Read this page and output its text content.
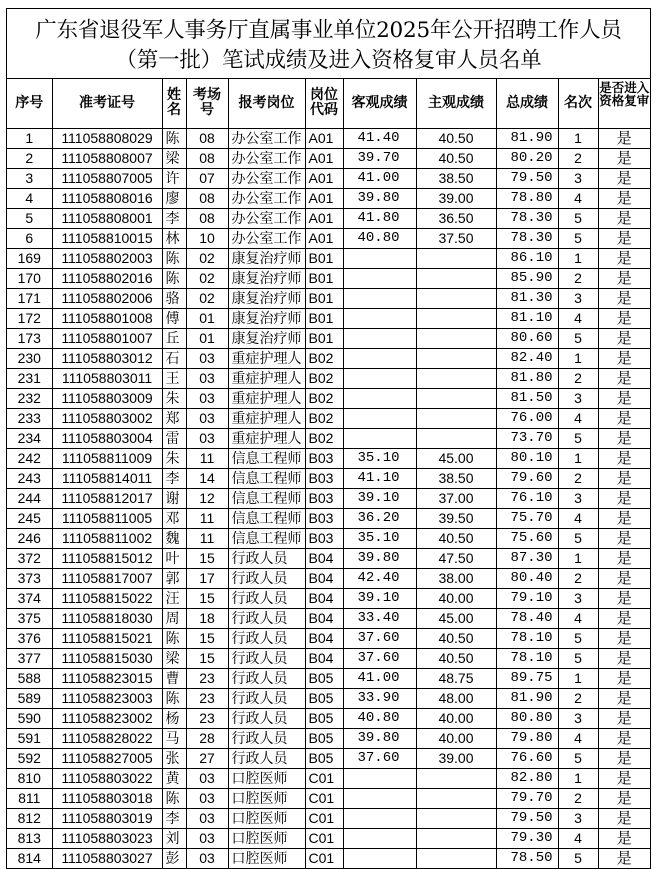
广东省退役军人事务厅直属事业单位2025年公开招聘工作人员
（第一批）笔试成绩及进入资格复审人员名单
序号	准考证号	姓名	考场号	报考岗位	岗位代码	客观成绩	主观成绩	总成绩	名次	是否进入资格复审
1	111058808029	陈	08	办公室工作	A01	41.40	40.50	81.90	1	是
2	111058808007	梁	08	办公室工作	A01	39.70	40.50	80.20	2	是
3	111058807005	许	07	办公室工作	A01	41.00	38.50	79.50	3	是
4	111058808016	廖	08	办公室工作	A01	39.80	39.00	78.80	4	是
5	111058808001	李	08	办公室工作	A01	41.80	36.50	78.30	5	是
6	111058810015	林	10	办公室工作	A01	40.80	37.50	78.30	5	是
169	111058802003	陈	02	康复治疗师	B01			86.10	1	是
170	111058802016	陈	02	康复治疗师	B01			85.90	2	是
171	111058802006	骆	02	康复治疗师	B01			81.30	3	是
172	111058801008	傅	01	康复治疗师	B01			81.10	4	是
173	111058801007	丘	01	康复治疗师	B01			80.60	5	是
230	111058803012	石	03	重症护理人	B02			82.40	1	是
231	111058803011	王	03	重症护理人	B02			81.80	2	是
232	111058803009	朱	03	重症护理人	B02			81.50	3	是
233	111058803002	郑	03	重症护理人	B02			76.00	4	是
234	111058803004	雷	03	重症护理人	B02			73.70	5	是
242	111058811009	朱	11	信息工程师	B03	35.10	45.00	80.10	1	是
243	111058814011	李	14	信息工程师	B03	41.10	38.50	79.60	2	是
244	111058812017	谢	12	信息工程师	B03	39.10	37.00	76.10	3	是
245	111058811005	邓	11	信息工程师	B03	36.20	39.50	75.70	4	是
246	111058811002	魏	11	信息工程师	B03	35.10	40.50	75.60	5	是
372	111058815012	叶	15	行政人员	B04	39.80	47.50	87.30	1	是
373	111058817007	郭	17	行政人员	B04	42.40	38.00	80.40	2	是
374	111058815022	汪	15	行政人员	B04	39.10	40.00	79.10	3	是
375	111058818030	周	18	行政人员	B04	33.40	45.00	78.40	4	是
376	111058815021	陈	15	行政人员	B04	37.60	40.50	78.10	5	是
377	111058815030	梁	15	行政人员	B04	37.60	40.50	78.10	5	是
588	111058823015	曹	23	行政人员	B05	41.00	48.75	89.75	1	是
589	111058823003	陈	23	行政人员	B05	33.90	48.00	81.90	2	是
590	111058823002	杨	23	行政人员	B05	40.80	40.00	80.80	3	是
591	111058828022	马	28	行政人员	B05	39.80	40.00	79.80	4	是
592	111058827005	张	27	行政人员	B05	37.60	39.00	76.60	5	是
810	111058803022	黄	03	口腔医师	C01			82.80	1	是
811	111058803018	陈	03	口腔医师	C01			79.70	2	是
812	111058803019	李	03	口腔医师	C01			79.50	3	是
813	111058803023	刘	03	口腔医师	C01			79.30	4	是
814	111058803027	彭	03	口腔医师	C01			78.50	5	是
